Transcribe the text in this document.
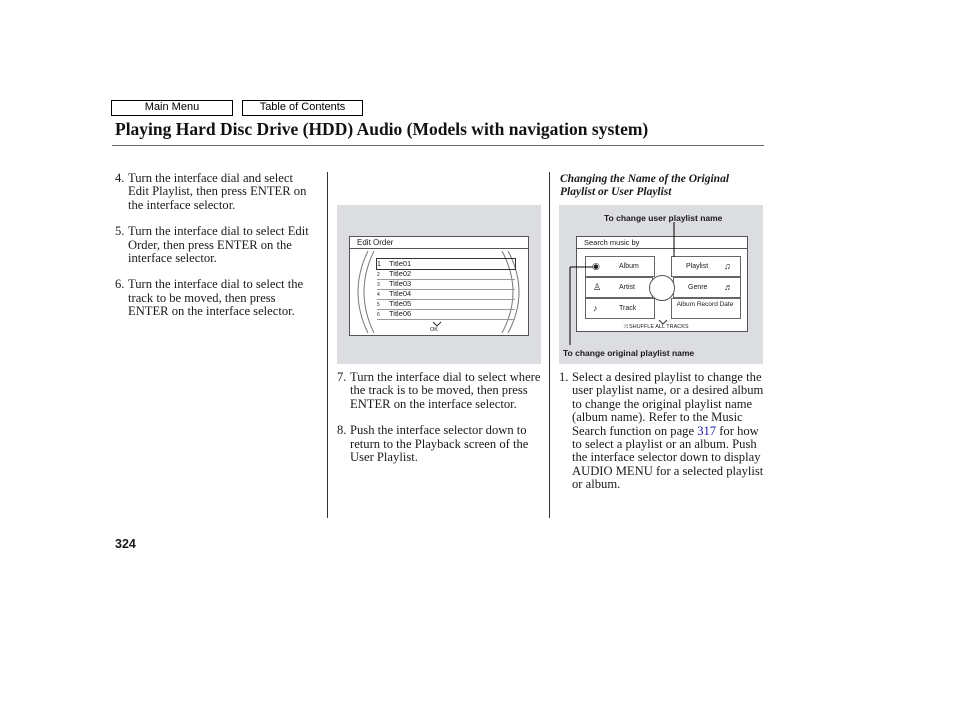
Main Menu	Table of Contents
Playing Hard Disc Drive (HDD) Audio (Models with navigation system)

4. Turn the interface dial and select Edit Playlist, then press ENTER on the interface selector.

5. Turn the interface dial to select Edit Order, then press ENTER on the interface selector.

6. Turn the interface dial to select the track to be moved, then press ENTER on the interface selector.

Edit Order
1 Title01
2 Title02
3 Title03
4 Title04
5 Title05
6 Title06
OK

7. Turn the interface dial to select where the track is to be moved, then press ENTER on the interface selector.

8. Push the interface selector down to return to the Playback screen of the User Playlist.

Changing the Name of the Original Playlist or User Playlist
To change user playlist name
To change original playlist name
Search music by
◉	Album
♙	Artist
♪	Track
Playlist ♫
Genre ♬
Album Record Date
⤨ SHUFFLE ALL TRACKS

1. Select a desired playlist to change the user playlist name, or a desired album to change the original playlist name (album name). Refer to the Music Search function on page 317 for how to select a playlist or an album. Push the interface selector down to display AUDIO MENU for a selected playlist or album.

324
